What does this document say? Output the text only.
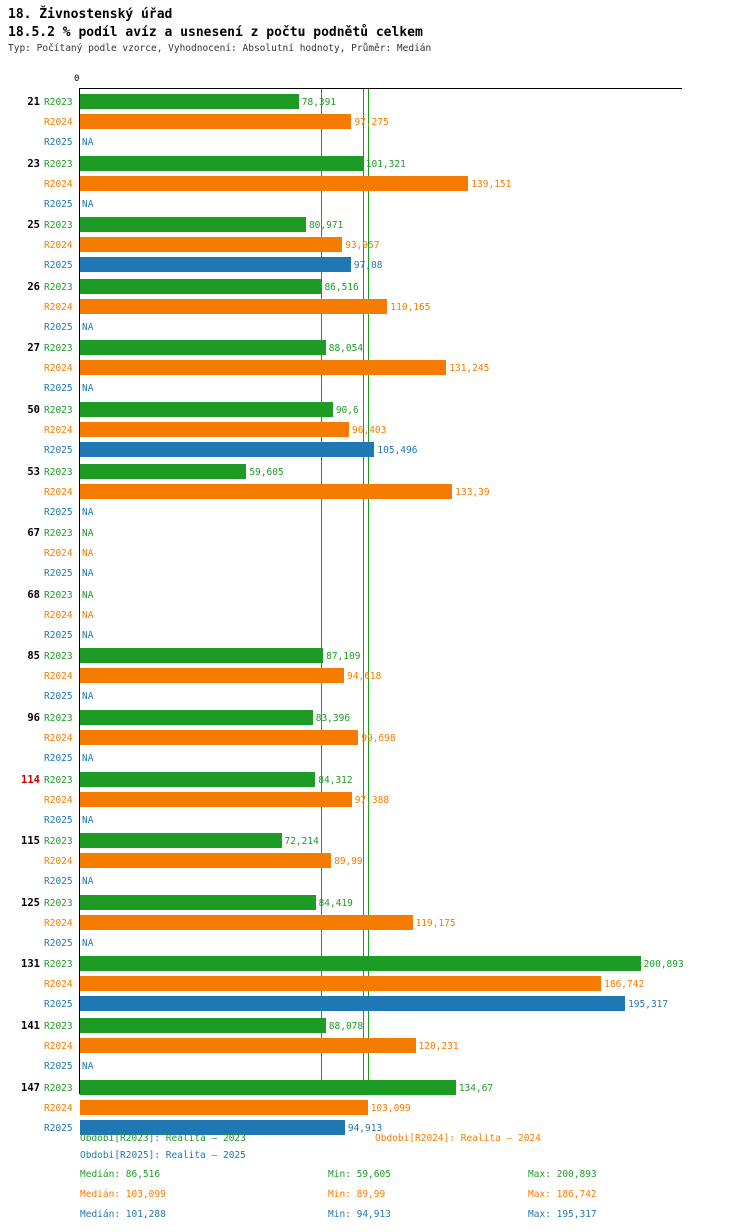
18. Živnostenský úřad
18.5.2 % podíl avíz a usnesení z počtu podnětů celkem
Typ: Počítaný podle vzorce, Vyhodnocení: Absolutní hodnoty, Průměr: Medián
0
21 R2023	78,391
R2024	97,275
R2025 NA
23 R2023	101,321
R2024	139,151
R2025 NA
25 R2023	80,971
R2024	93,957
R2025	97,08
26 R2023	86,516
R2024	110,165
R2025 NA
27 R2023	88,054
R2024	131,245
R2025 NA
50 R2023	90,6
R2024	96,403
R2025	105,496
53 R2023	59,605
R2024	133,39
R2025 NA
67 R2023 NA
R2024 NA
R2025 NA
68 R2023 NA
R2024 NA
R2025 NA
85 R2023	87,109
R2024	94,618
R2025 NA
96 R2023	83,396
R2024	99,698
R2025 NA
114 R2023	84,312
R2024	97,388
R2025 NA
115 R2023	72,214
R2024	89,99
R2025 NA
125 R2023	84,419
R2024	119,175
R2025 NA
131 R2023	200,893
R2024	186,742
R2025	195,317
141 R2023	88,078
R2024	120,231
R2025 NA
147 R2023	134,67
R2024	103,099
R2025	94,913
Obdobi[R2023]: Realita – 2023	Obdobi[R2024]: Realita – 2024
Obdobi[R2025]: Realita – 2025
Medián: 86,516	Min: 59,605	Max: 200,893
Medián: 103,099	Min: 89,99	Max: 186,742
Medián: 101,288	Min: 94,913	Max: 195,317
